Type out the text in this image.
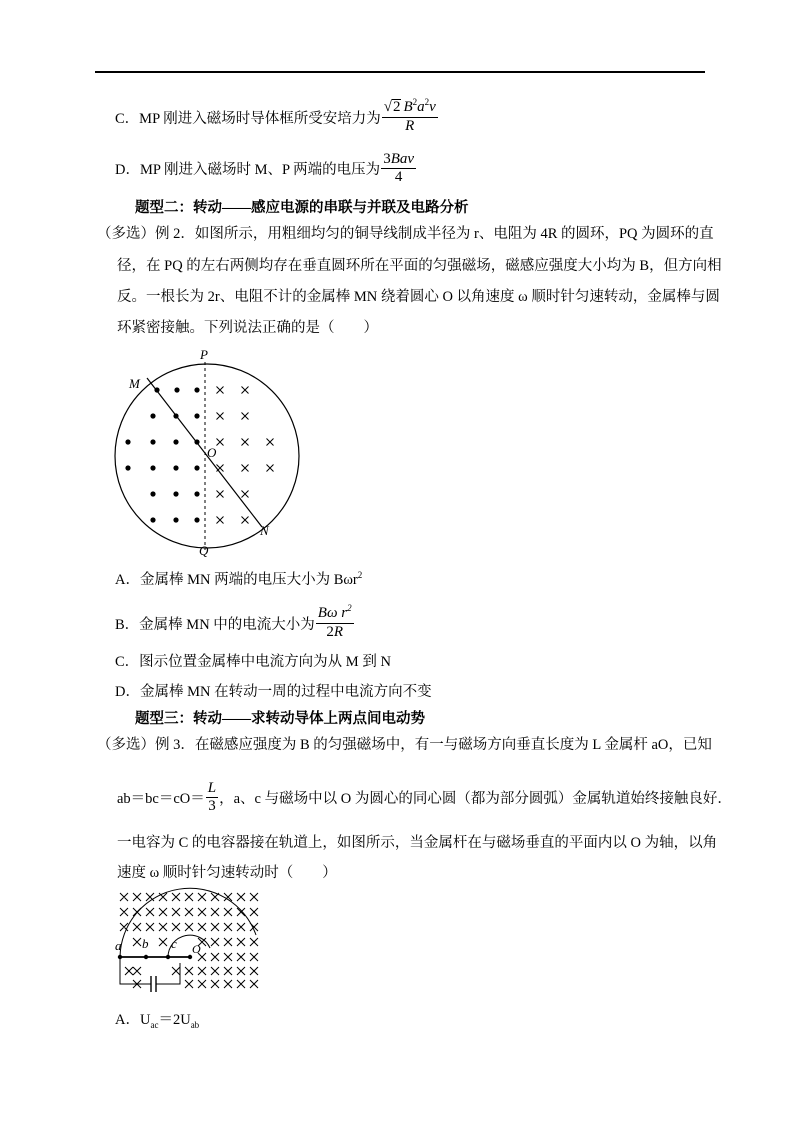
C．MP 刚进入磁场时导体框所受安培力为 $\frac{√ 2 B 2 a 2 v}{R}$
D．MP 刚进入磁场时 M、P 两端的电压为 $\frac{\text{3 Bav}}{4}$
题型二：转动——感应电源的串联与并联及电路分析
（多选）例 2．如图所示，用粗细均匀的铜导线制成半径为 r、电阻为 4R 的圆环，PQ 为圆环的直
径，在 PQ 的左右两侧均存在垂直圆环所在平面的匀强磁场，磁感应强度大小均为 B，但方向相
反。一根长为 2r、电阻不计的金属棒 MN 绕着圆心 O 以角速度 ω 顺时针匀速转动，金属棒与圆
环紧密接触。下列说法正确的是（　　）
P
Q
M
N
O
A．金属棒 MN 两端的电压大小为 Bωr$^2$
B．金属棒 MN 中的电流大小为 $\frac{\text{Bω r 2}}{2 R}$
C．图示位置金属棒中电流方向为从 M 到 N
D．金属棒 MN 在转动一周的过程中电流方向不变
题型三：转动——求转动导体上两点间电动势
（多选）例 3．在磁感应强度为 B 的匀强磁场中，有一与磁场方向垂直长度为 L 金属杆 aO，已知
$ab=bc=cO= \frac{L}{3}$ ，a、c 与磁场中以 O 为圆心的同心圆（都为部分圆弧）金属轨道始终接触良好．
一电容为 C 的电容器接在轨道上，如图所示，当金属杆在与磁场垂直的平面内以 O 为轴，以角
速度 ω 顺时针匀速转动时（　　）
a b c O
A．$U_{ac}=2U_{ab}$
